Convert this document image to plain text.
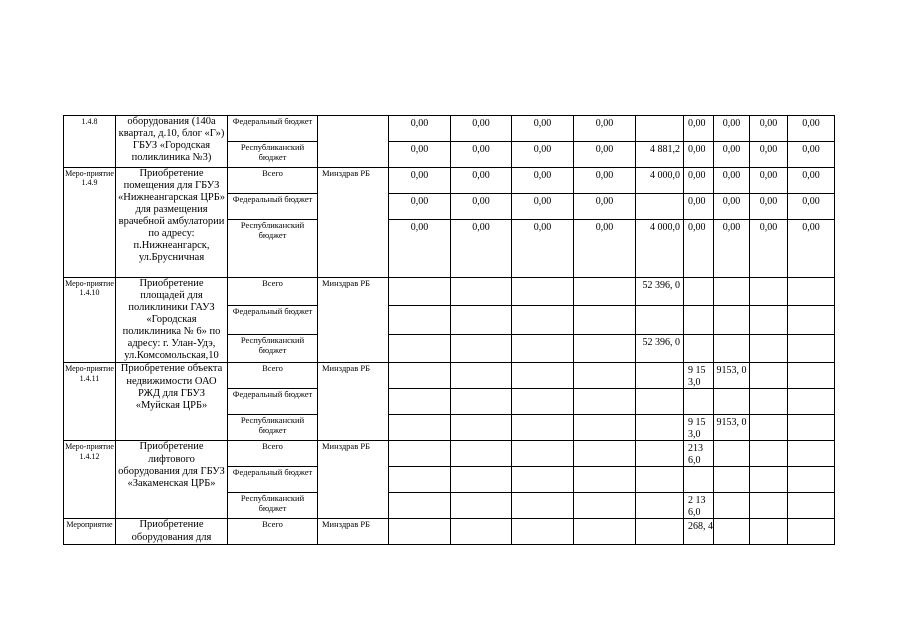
1.4.8	оборудования (140а квартал, д.10, блог «Г») ГБУЗ «Городская поликлиника №3)	Федеральный бюджет		0,00	0,00	0,00	0,00		0,00	0,00	0,00	0,00
		Республиканский бюджет		0,00	0,00	0,00	0,00	4 881,2	0,00	0,00	0,00	0,00
Меро-приятие 1.4.9	Приобретение помещения для ГБУЗ «Нижнеангарская ЦРБ» для размещения врачебной амбулатории по адресу: п.Нижнеангарск, ул.Брусничная	Всего	Минздрав РБ	0,00	0,00	0,00	0,00	4 000,0	0,00	0,00	0,00	0,00
		Федеральный бюджет		0,00	0,00	0,00	0,00		0,00	0,00	0,00	0,00
		Республиканский бюджет		0,00	0,00	0,00	0,00	4 000,0	0,00	0,00	0,00	0,00
Меро-приятие 1.4.10	Приобретение площадей для поликлиники ГАУЗ «Городская поликлиника № 6» по адресу: г. Улан-Удэ, ул.Комсомольская,10	Всего	Минздрав РБ					52 396, 0				
		Федеральный бюджет										
		Республиканский бюджет						52 396, 0				
Меро-приятие 1.4.11	Приобретение объекта недвижимости ОАО РЖД для ГБУЗ «Муйская ЦРБ»	Всего	Минздрав РБ						9 15 3,0	9153, 0		
		Федеральный бюджет										
		Республиканский бюджет							9 15 3,0	9153, 0		
Меро-приятие 1.4.12	Приобретение лифтового оборудования для ГБУЗ «Закаменская ЦРБ»	Всего	Минздрав РБ						213 6,0			
		Федеральный бюджет										
		Республиканский бюджет							2 13 6,0			
Мероприятие	Приобретение оборудования для	Всего	Минздрав РБ						268, 4			
